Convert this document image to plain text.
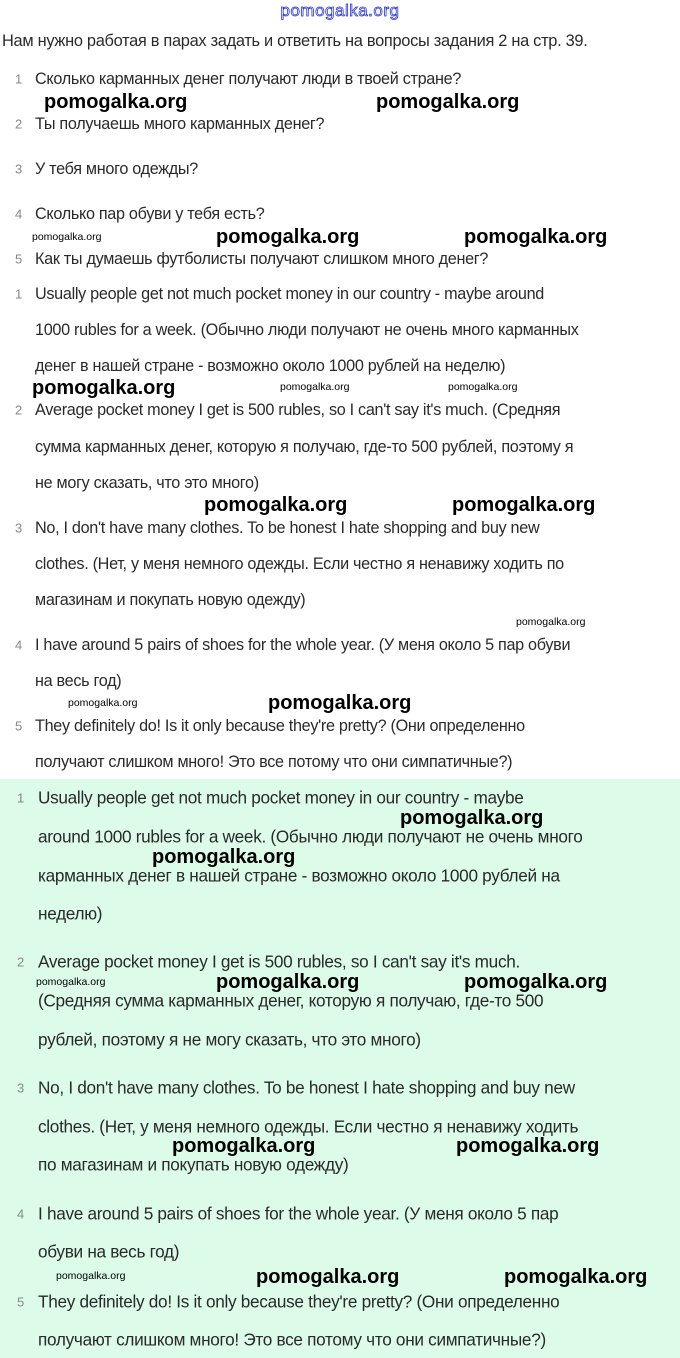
pomogalka.org
Нам нужно работая в парах задать и ответить на вопросы задания 2 на стр. 39.
1 Сколько карманных денег получают люди в твоей стране?
2 Ты получаешь много карманных денег?
3 У тебя много одежды?
4 Сколько пар обуви у тебя есть?
5 Как ты думаешь футболисты получают слишком много денег?
1 Usually people get not much pocket money in our country - maybe around
1000 rubles for a week. (Обычно люди получают не очень много карманных
денег в нашей стране - возможно около 1000 рублей на неделю)
2 Average pocket money I get is 500 rubles, so I can't say it's much. (Средняя
сумма карманных денег, которую я получаю, где-то 500 рублей, поэтому я
не могу сказать, что это много)
3 No, I don't have many clothes. To be honest I hate shopping and buy new
clothes. (Нет, у меня немного одежды. Если честно я ненавижу ходить по
магазинам и покупать новую одежду)
4 I have around 5 pairs of shoes for the whole year. (У меня около 5 пар обуви
на весь год)
5 They definitely do! Is it only because they're pretty? (Они определенно
получают слишком много! Это все потому что они симпатичные?)
1 Usually people get not much pocket money in our country - maybe
around 1000 rubles for a week. (Обычно люди получают не очень много
карманных денег в нашей стране - возможно около 1000 рублей на
неделю)
2 Average pocket money I get is 500 rubles, so I can't say it's much.
(Средняя сумма карманных денег, которую я получаю, где-то 500
рублей, поэтому я не могу сказать, что это много)
3 No, I don't have many clothes. To be honest I hate shopping and buy new
clothes. (Нет, у меня немного одежды. Если честно я ненавижу ходить
по магазинам и покупать новую одежду)
4 I have around 5 pairs of shoes for the whole year. (У меня около 5 пар
обуви на весь год)
5 They definitely do! Is it only because they're pretty? (Они определенно
получают слишком много! Это все потому что они симпатичные?)
pomogalka.org	pomogalka.org
pomogalka.org	pomogalka.org
pomogalka.org
pomogalka.org
pomogalka.org
pomogalka.org
pomogalka.org
pomogalka.org
pomogalka.org	pomogalka.org
pomogalka.org	pomogalka.org
pomogalka.org	pomogalka.org
pomogalka.org
pomogalka.org	pomogalka.org
pomogalka.org
pomogalka.org
pomogalka.org
pomogalka.org
